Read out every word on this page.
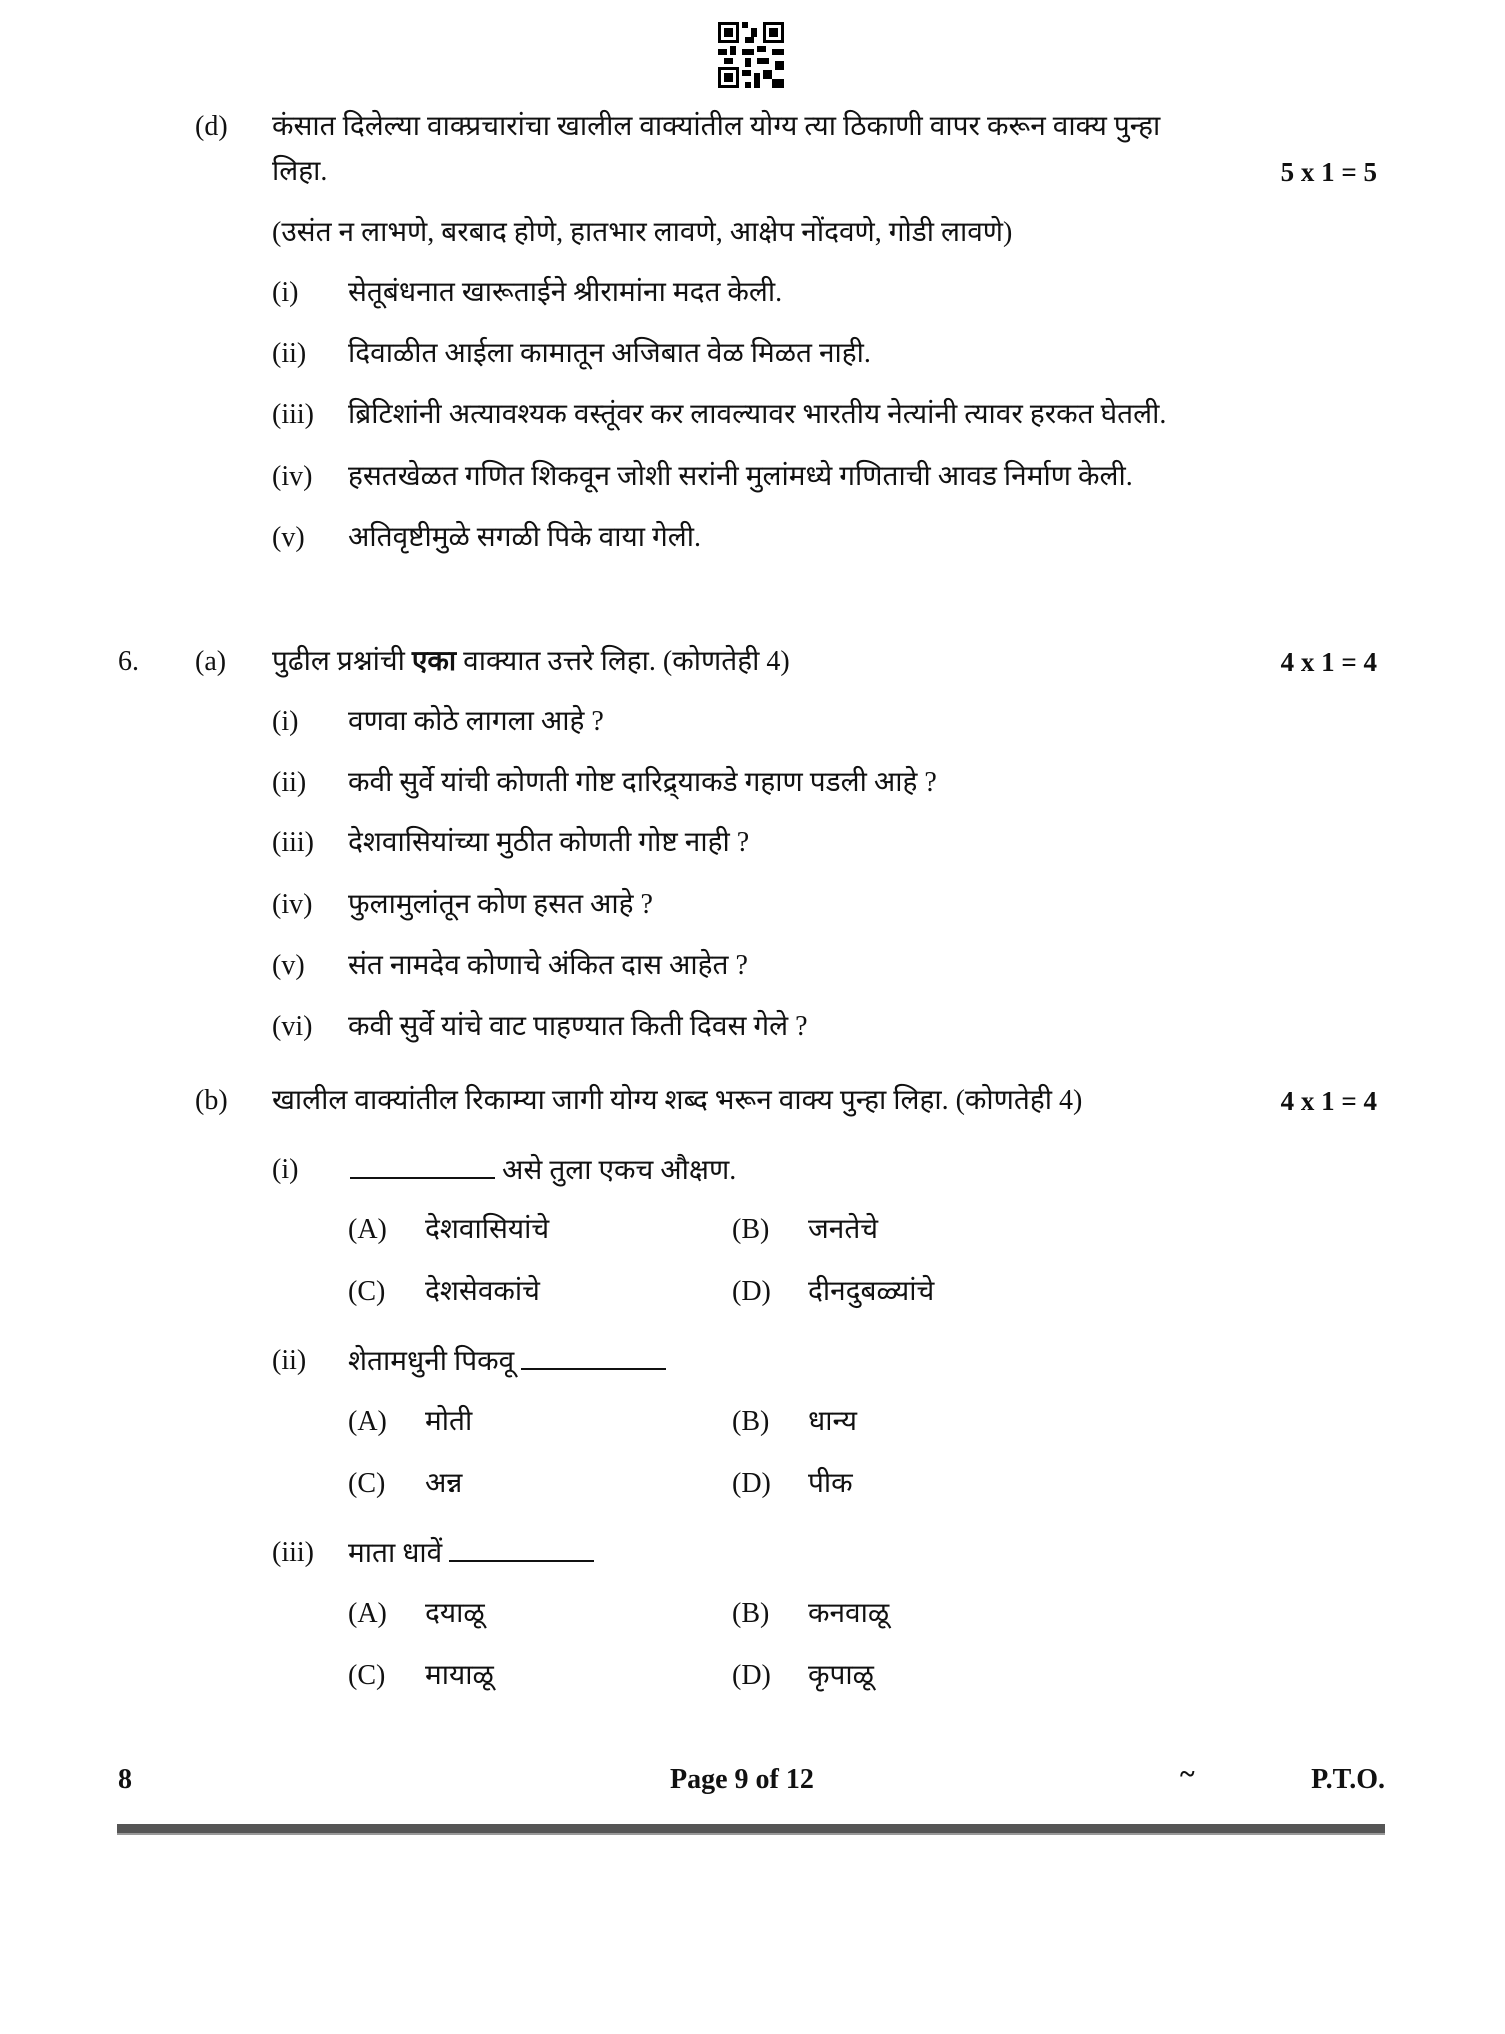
(d) कंसात दिलेल्या वाक्प्रचारांचा खालील वाक्यांतील योग्य त्या ठिकाणी वापर करून वाक्य पुन्हा
लिहा.	5 x 1 = 5
(उसंत न लाभणे, बरबाद होणे, हातभार लावणे, आक्षेप नोंदवणे, गोडी लावणे)
(i) सेतूबंधनात खारूताईने श्रीरामांना मदत केली.
(ii) दिवाळीत आईला कामातून अजिबात वेळ मिळत नाही.
(iii) ब्रिटिशांनी अत्यावश्यक वस्तूंवर कर लावल्यावर भारतीय नेत्यांनी त्यावर हरकत घेतली.
(iv) हसतखेळत गणित शिकवून जोशी सरांनी मुलांमध्ये गणिताची आवड निर्माण केली.
(v) अतिवृष्टीमुळे सगळी पिके वाया गेली.
6. (a) पुढील प्रश्नांची एका वाक्यात उत्तरे लिहा. (कोणतेही 4)	4 x 1 = 4
(i) वणवा कोठे लागला आहे ?
(ii) कवी सुर्वे यांची कोणती गोष्ट दारिद्र्याकडे गहाण पडली आहे ?
(iii) देशवासियांच्या मुठीत कोणती गोष्ट नाही ?
(iv) फुलामुलांतून कोण हसत आहे ?
(v) संत नामदेव कोणाचे अंकित दास आहेत ?
(vi) कवी सुर्वे यांचे वाट पाहण्यात किती दिवस गेले ?
(b) खालील वाक्यांतील रिकाम्या जागी योग्य शब्द भरून वाक्य पुन्हा लिहा. (कोणतेही 4)	4 x 1 = 4
(i)	असे तुला एकच औक्षण.
(A) देशवासियांचे	(B) जनतेचे
(C) देशसेवकांचे	(D) दीनदुबळ्यांचे
(ii) शेतामधुनी पिकवू
(A) मोती	(B) धान्य
(C) अन्न	(D) पीक
(iii) माता धावें
(A) दयाळू	(B) कनवाळू
(C) मायाळू	(D) कृपाळू
8	Page 9 of 12	~	P.T.O.
